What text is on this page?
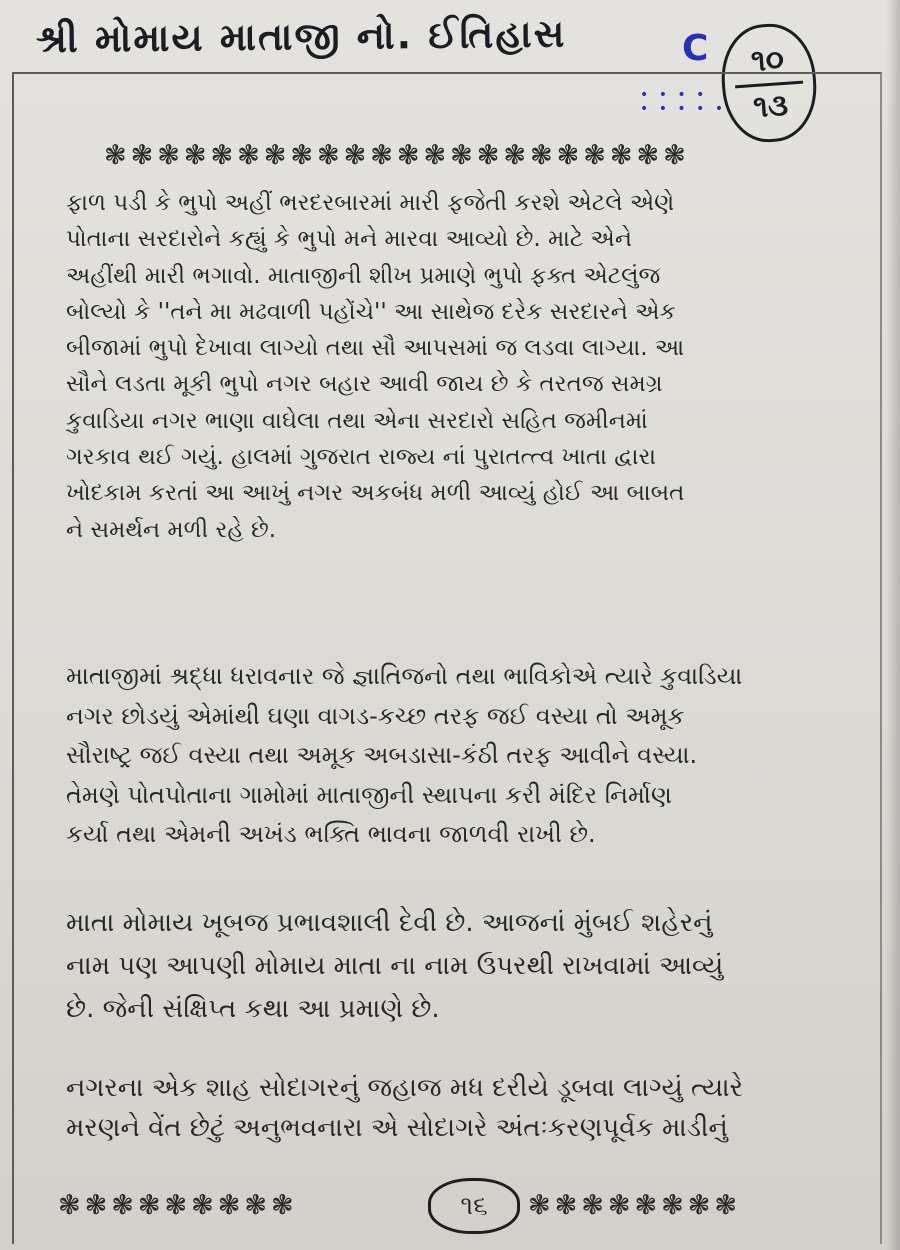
શ્રી મોમાય માતાજી નો. ઈતિહાસ	C
• • • •
• • • • •
૧૦
૧૩
❃❃❃❃❃❃❃❃❃❃❃❃❃❃❃❃❃❃❃❃❃❃
ફાળ પડી કે ભુપો અહીં ભરદરબારમાં મારી ફજેતી કરશે એટલે એણે
પોતાના સરદારોને કહ્યું કે ભુપો મને મારવા આવ્યો છે. માટે એને
અહીંથી મારી ભગાવો. માતાજીની શીખ પ્રમાણે ભુપો ફક્ત એટલુંજ
બોલ્યો કે ''તને મા મઢવાળી પહોંચે'' આ સાથેજ દરેક સરદારને એક
બીજામાં ભુપો દેખાવા લાગ્યો તથા સૌ આપસમાં જ લડવા લાગ્યા. આ
સૌને લડતા મૂકી ભુપો નગર બહાર આવી જાય છે કે તરતજ સમગ્ર
કુવાડિયા નગર ભાણા વાઘેલા તથા એના સરદારો સહિત જમીનમાં
ગરકાવ થઈ ગયું. હાલમાં ગુજરાત રાજ્ય નાં પુરાતત્ત્વ ખાતા દ્વારા
ખોદકામ કરતાં આ આખું નગર અકબંધ મળી આવ્યું હોઈ આ બાબત
ને સમર્થન મળી રહે છે.
માતાજીમાં શ્રદ્ધા ધરાવનાર જે જ્ઞાતિજનો તથા ભાવિકોએ ત્યારે કુવાડિયા
નગર છોડયું એમાંથી ઘણા વાગડ-કચ્છ તરફ જઈ વસ્યા તો અમૂક
સૌરાષ્ટ્ર જઈ વસ્યા તથા અમૂક અબડાસા-કંઠી તરફ આવીને વસ્યા.
તેમણે પોતપોતાના ગામોમાં માતાજીની સ્થાપના કરી મંદિર નિર્માણ
કર્યા તથા એમની અખંડ ભક્તિ ભાવના જાળવી રાખી છે.
માતા મોમાય ખૂબજ પ્રભાવશાલી દેવી છે. આજનાં મુંબઈ શહેરનું
નામ પણ આપણી મોમાય માતા ના નામ ઉપરથી રાખવામાં આવ્યું
છે. જેની સંક્ષિપ્ત કથા આ પ્રમાણે છે.
નગરના એક શાહ સોદાગરનું જહાજ મધ દરીયે ડૂબવા લાગ્યું ત્યારે
મરણને વેંત છેટું અનુભવનારા એ સોદાગરે અંતઃકરણપૂર્વક માડીનું
❃❃❃❃❃❃❃❃❃	૧૬	❃❃❃❃❃❃❃❃
